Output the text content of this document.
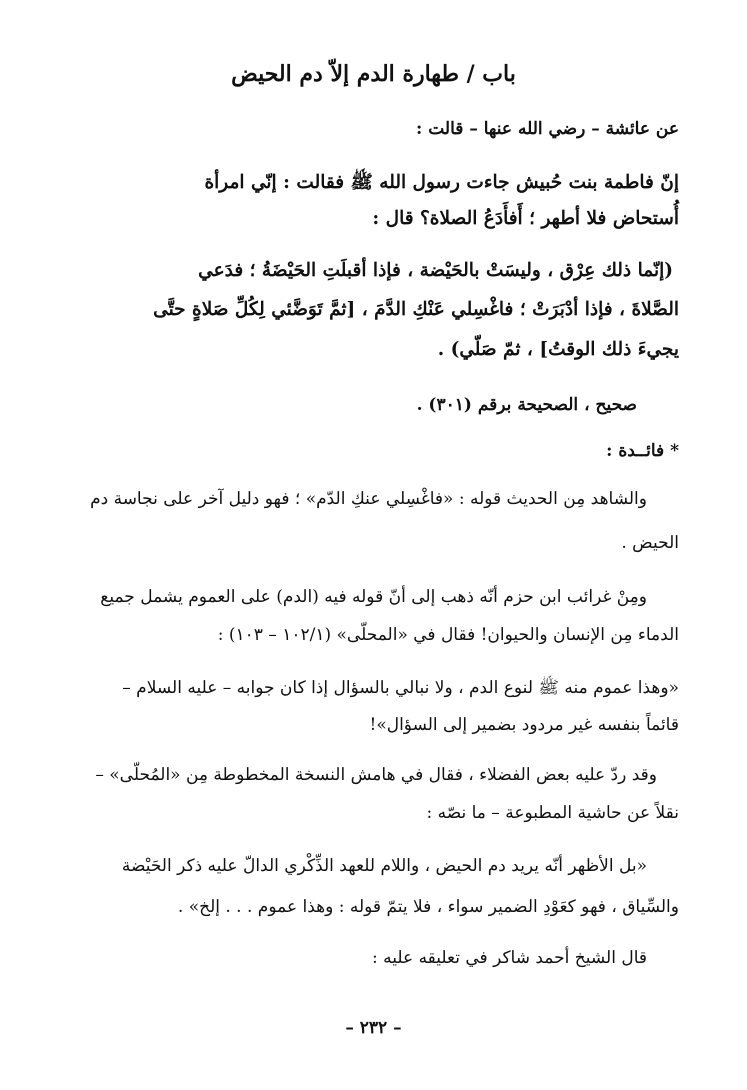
باب / طهارة الدم إلاّ دم الحيض
عن عائشة – رضي الله عنها – قالت :
إنّ فاطمة بنت حُبيش جاءت رسول الله ﷺ فقالت : إنّي امرأة
أُستحاض فلا أطهر ؛ أَفأَدَعُ الصلاة؟ قال :
(إنّما ذلك عِرْق ، وليسَتْ بالحَيْضة ، فإذا أقبلَتِ الحَيْضَةُ ؛ فدَعي
الصَّلاةَ ، فإذا أدْبَرَتْ ؛ فاغْسِلي عَنْكِ الدَّمَ ، [ثمَّ تَوَضَّئي لِكُلِّ صَلاةٍ حتَّى
يجيءَ ذلك الوقتُ] ، ثمّ صَلّي) .
صحيح ، الصحيحة برقم (٣٠١) .
* فائــدة :
والشاهد مِن الحديث قوله : «فاغْسِلي عنكِ الدّم» ؛ فهو دليل آخر على نجاسة دم
الحيض .
ومِنْ غرائب ابن حزم أنّه ذهب إلى أنّ قوله فيه (الدم) على العموم يشمل جميع
الدماء مِن الإنسان والحيوان! فقال في «المحلّى» (١٠٢/١ – ١٠٣) :
«وهذا عموم منه ﷺ لنوع الدم ، ولا نبالي بالسؤال إذا كان جوابه – عليه السلام –
قائماً بنفسه غير مردود بضمير إلى السؤال»!
وقد ردّ عليه بعض الفضلاء ، فقال في هامش النسخة المخطوطة مِن «المُحلّى» –
نقلاً عن حاشية المطبوعة – ما نصّه :
«بل الأظهر أنّه يريد دم الحيض ، واللام للعهد الذِّكْري الدالّ عليه ذكر الحَيْضة
والسِّياق ، فهو كعَوْدِ الضمير سواء ، فلا يتمّ قوله : وهذا عموم . . . إلخ» .
قال الشيخ أحمد شاكر في تعليقه عليه :
– ٢٣٢ –
